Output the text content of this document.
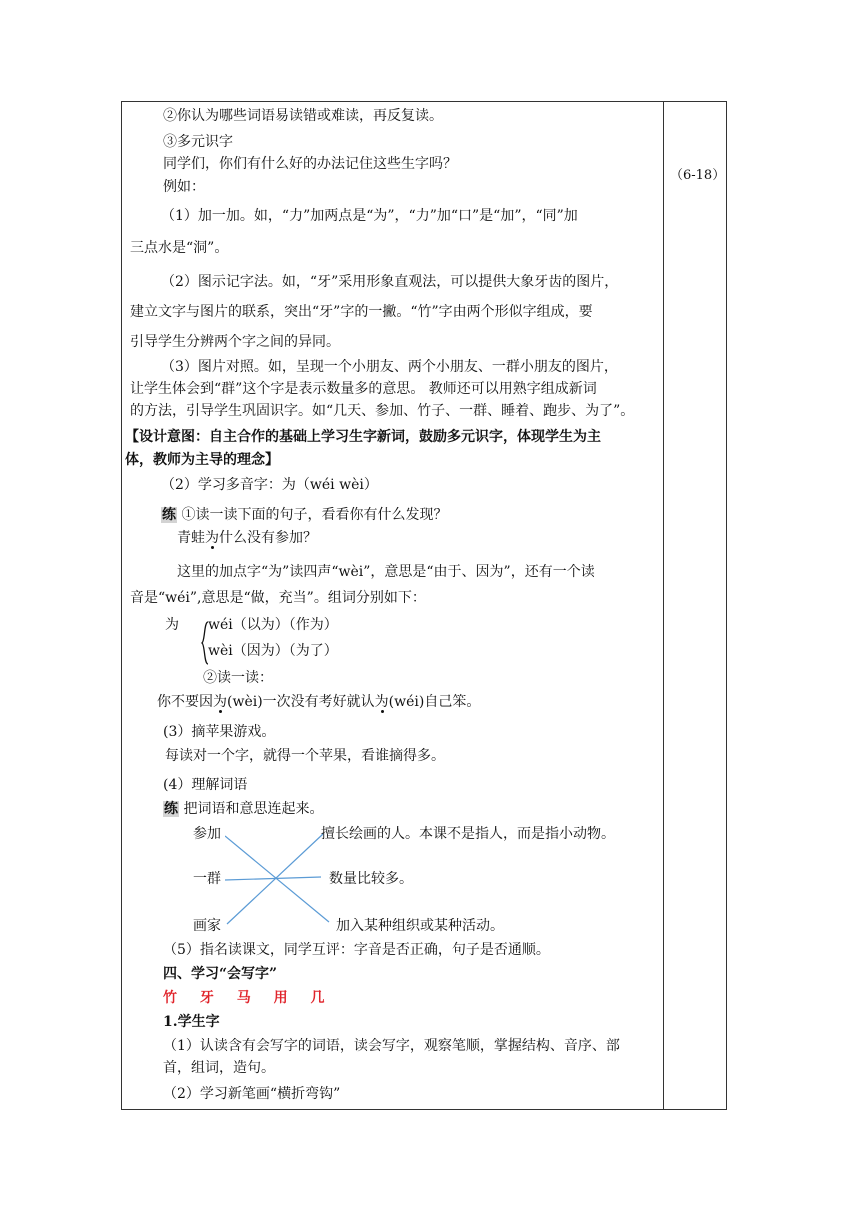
（6-18）
②你认为哪些词语易读错或难读，再反复读。
③多元识字
同学们，你们有什么好的办法记住这些生字吗？
例如：
（1）加一加。如，“力”加两点是“为”，“力”加“口”是“加”，“同”加
三点水是“洞”。
（2）图示记字法。如，“牙”采用形象直观法，可以提供大象牙齿的图片，
建立文字与图片的联系，突出“牙”字的一撇。“竹”字由两个形似字组成，要
引导学生分辨两个字之间的异同。
（3）图片对照。如，呈现一个小朋友、两个小朋友、一群小朋友的图片，
让学生体会到“群”这个字是表示数量多的意思。 教师还可以用熟字组成新词
的方法，引导学生巩固识字。如“几天、参加、竹子、一群、睡着、跑步、为了”。
【设计意图：自主合作的基础上学习生字新词，鼓励多元识字，体现学生为主
体，教师为主导的理念】
（2）学习多音字：为（wéi wèi）
练 ①读一读下面的句子，看看你有什么发现？
青蛙为什么没有参加？
这里的加点字“为”读四声“wèi”，意思是“由于、因为”，还有一个读
音是“wéi”,意思是“做，充当”。组词分别如下：
为 wéi（以为）（作为）
wèi（因为）（为了）
②读一读：
你不要因为(wèi)一次没有考好就认为(wéi)自己笨。
(3）摘苹果游戏。
每读对一个字，就得一个苹果，看谁摘得多。
(4）理解词语
练 把词语和意思连起来。
参加
一群
画家
擅长绘画的人。本课不是指人，而是指小动物。
数量比较多。
加入某种组织或某种活动。
（5）指名读课文，同学互评：字音是否正确，句子是否通顺。
四、学习“会写字”
竹 牙 马 用 几
1.学生字
（1）认读含有会写字的词语，读会写字，观察笔顺，掌握结构、音序、部
首，组词，造句。
（2）学习新笔画“横折弯钩”
